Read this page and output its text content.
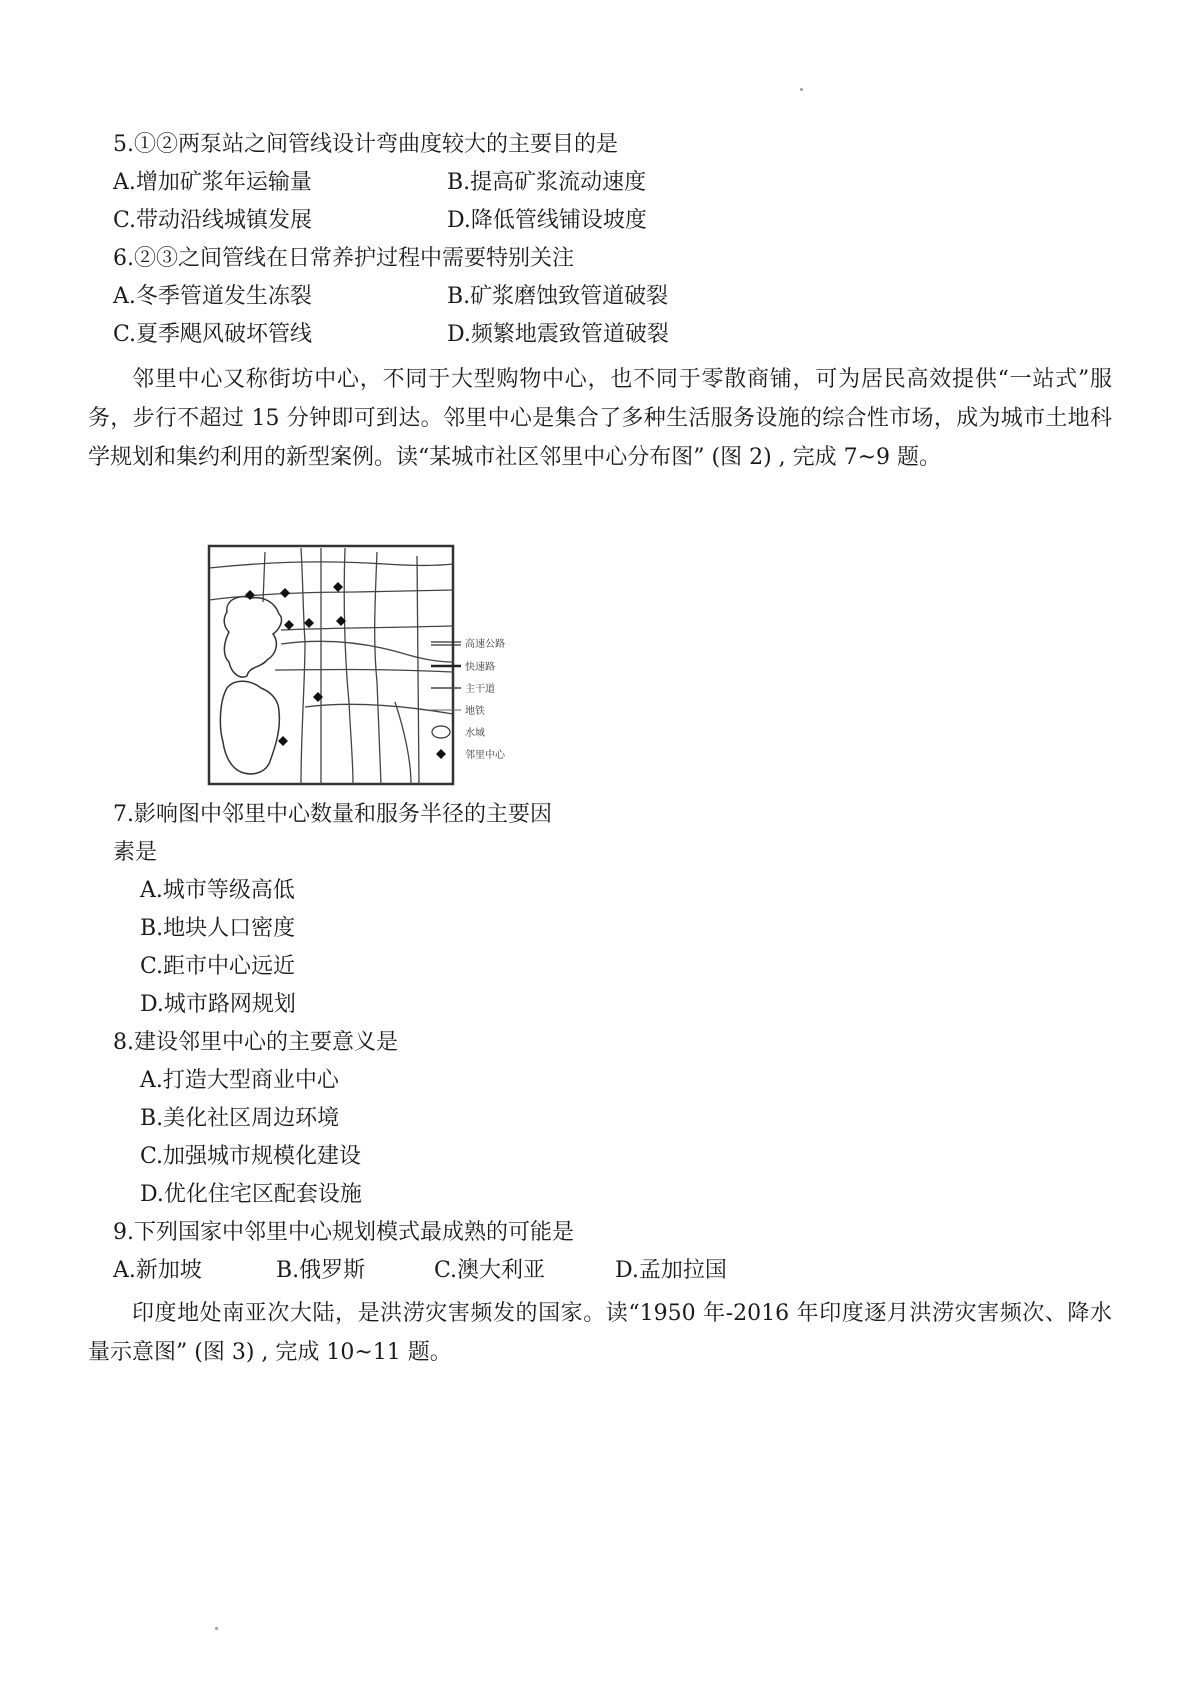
5.①②两泵站之间管线设计弯曲度较大的主要目的是
A.增加矿浆年运输量	B.提高矿浆流动速度
C.带动沿线城镇发展	D.降低管线铺设坡度
6.②③之间管线在日常养护过程中需要特别关注
A.冬季管道发生冻裂	B.矿浆磨蚀致管道破裂
C.夏季飓风破坏管线	D.频繁地震致管道破裂
邻里中心又称街坊中心，不同于大型购物中心，也不同于零散商铺，可为居民高效提供“一站式”服务，步行不超过 15 分钟即可到达。邻里中心是集合了多种生活服务设施的综合性市场，成为城市土地科学规划和集约利用的新型案例。读“某城市社区邻里中心分布图” (图 2) , 完成 7~9 题。
高速公路
快速路
主干道
地铁
水域
邻里中心
7.影响图中邻里中心数量和服务半径的主要因
素是
A.城市等级高低
B.地块人口密度
C.距市中心远近
D.城市路网规划
8.建设邻里中心的主要意义是
A.打造大型商业中心
B.美化社区周边环境
C.加强城市规模化建设
D.优化住宅区配套设施
9.下列国家中邻里中心规划模式最成熟的可能是
A.新加坡	B.俄罗斯	C.澳大利亚	D.孟加拉国
印度地处南亚次大陆，是洪涝灾害频发的国家。读“1950 年-2016 年印度逐月洪涝灾害频次、降水量示意图” (图 3) , 完成 10~11 题。
